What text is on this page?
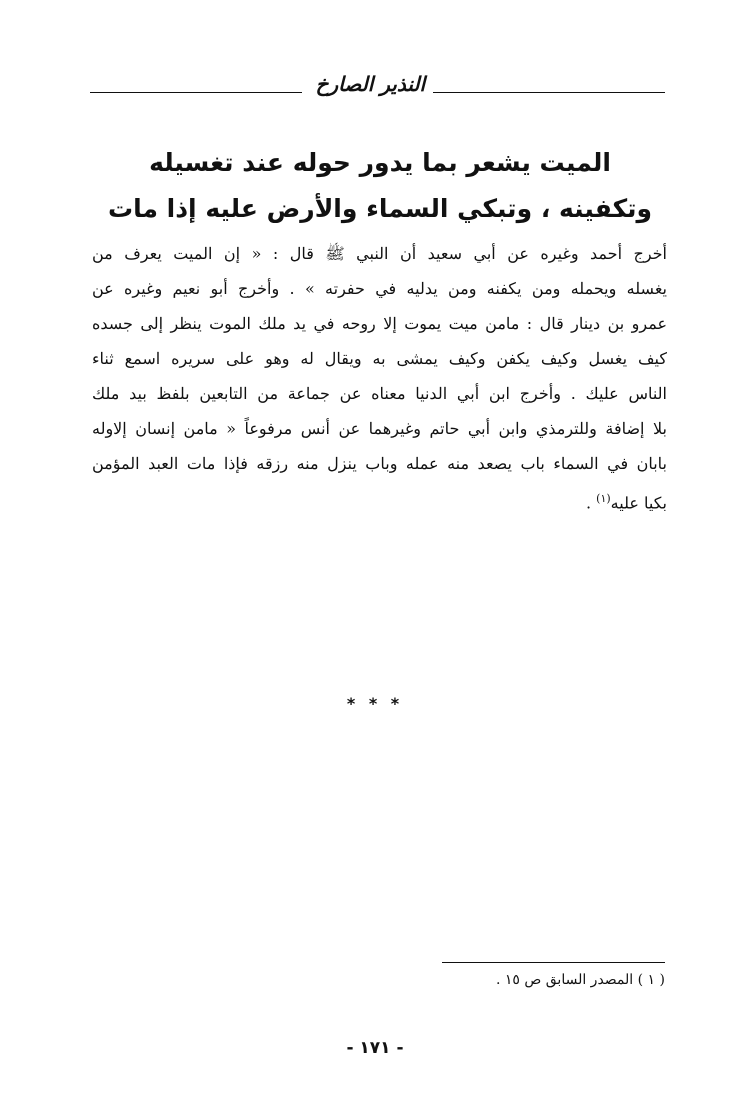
النذير الصارخ
الميت يشعر بما يدور حوله عند تغسيله
وتكفينه ، وتبكي السماء والأرض عليه إذا مات
أخرج أحمد وغيره عن أبي سعيد أن النبي ﷺ قال : « إن الميت يعرف من
يغسله ويحمله ومن يكفنه ومن يدليه في حفرته » . وأخرج أبو نعيم وغيره عن
عمرو بن دينار قال : مامن ميت يموت إلا روحه في يد ملك الموت ينظر إلى جسده
كيف يغسل وكيف يكفن وكيف يمشى به ويقال له وهو على سريره اسمع ثناء
الناس عليك . وأخرج ابن أبي الدنيا معناه عن جماعة من التابعين بلفظ بيد ملك
بلا إضافة وللترمذي وابن أبي حاتم وغيرهما عن أنس مرفوعاً « مامن إنسان إلاوله
بابان في السماء باب يصعد منه عمله وباب ينزل منه رزقه فإذا مات العبد المؤمن
بكيا عليه$^{(١)}$ .
* * *
( ١ ) المصدر السابق ص ١٥ .
- ١٧١ -
